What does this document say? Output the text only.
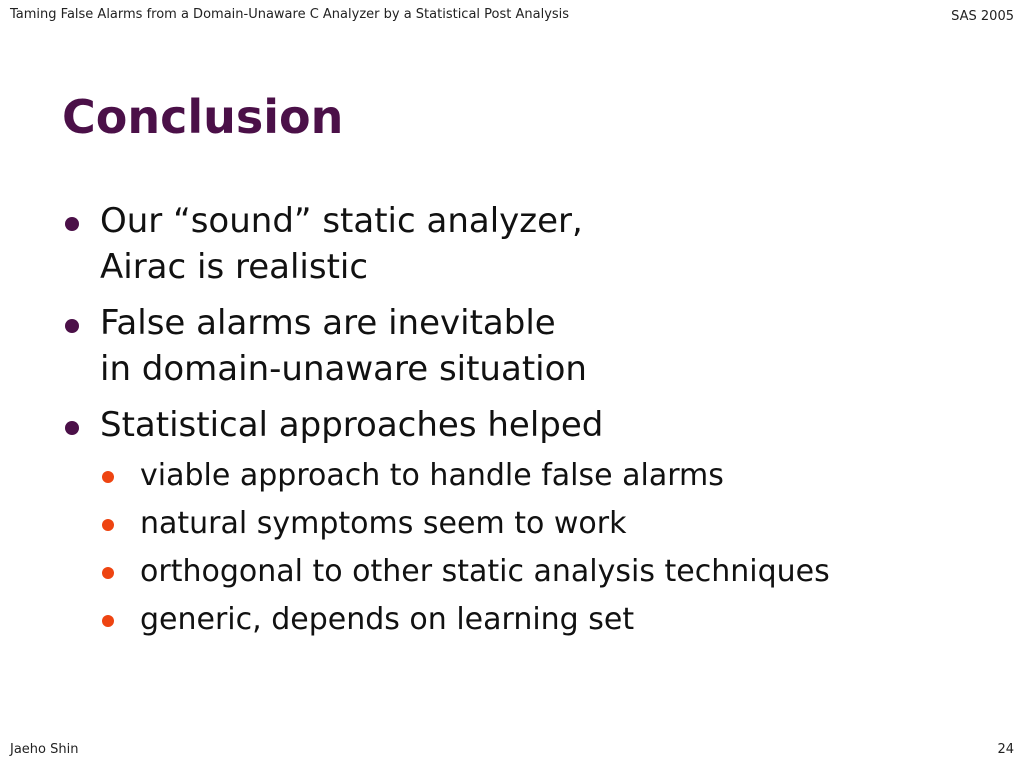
Taming False Alarms from a Domain-Unaware C Analyzer by a Statistical Post Analysis	SAS 2005
Conclusion
Our “sound” static analyzer,
Airac is realistic
False alarms are inevitable
in domain-unaware situation
Statistical approaches helped
viable approach to handle false alarms
natural symptoms seem to work
orthogonal to other static analysis techniques
generic, depends on learning set
Jaeho Shin	24
